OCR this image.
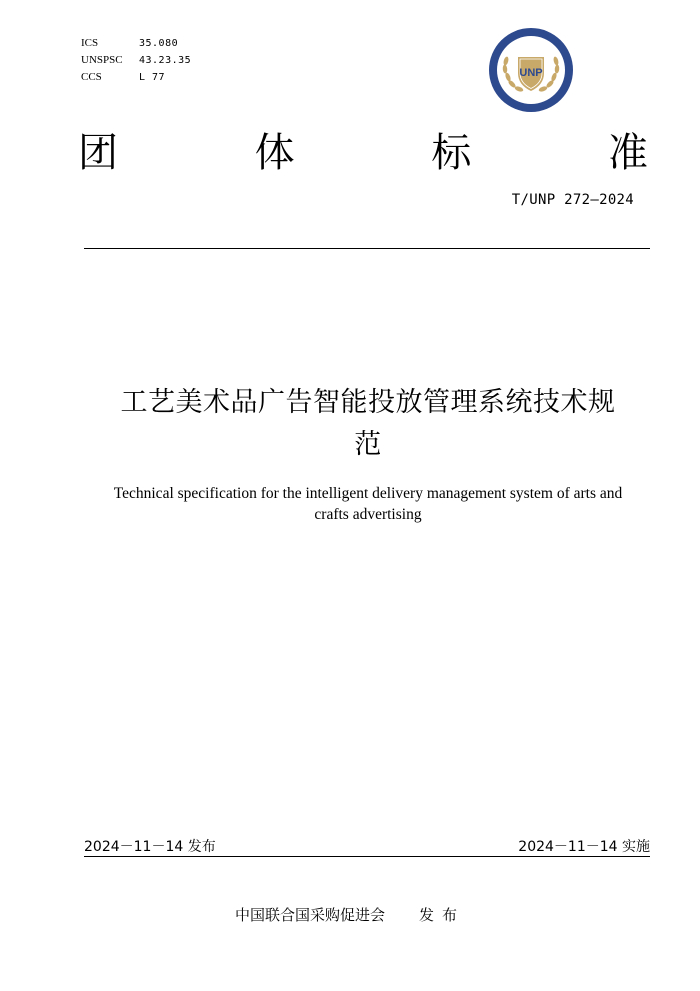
ICS	35.080
UNSPSC	43.23.35
CCS	L 77	UNP
团	体	标	准
T/UNP 272—2024
工艺美术品广告智能投放管理系统技术规
范
Technical specification for the intelligent delivery management system of arts and
crafts advertising
2024－11－14 发布	2024－11－14 实施
中国联合国采购促进会 发布
